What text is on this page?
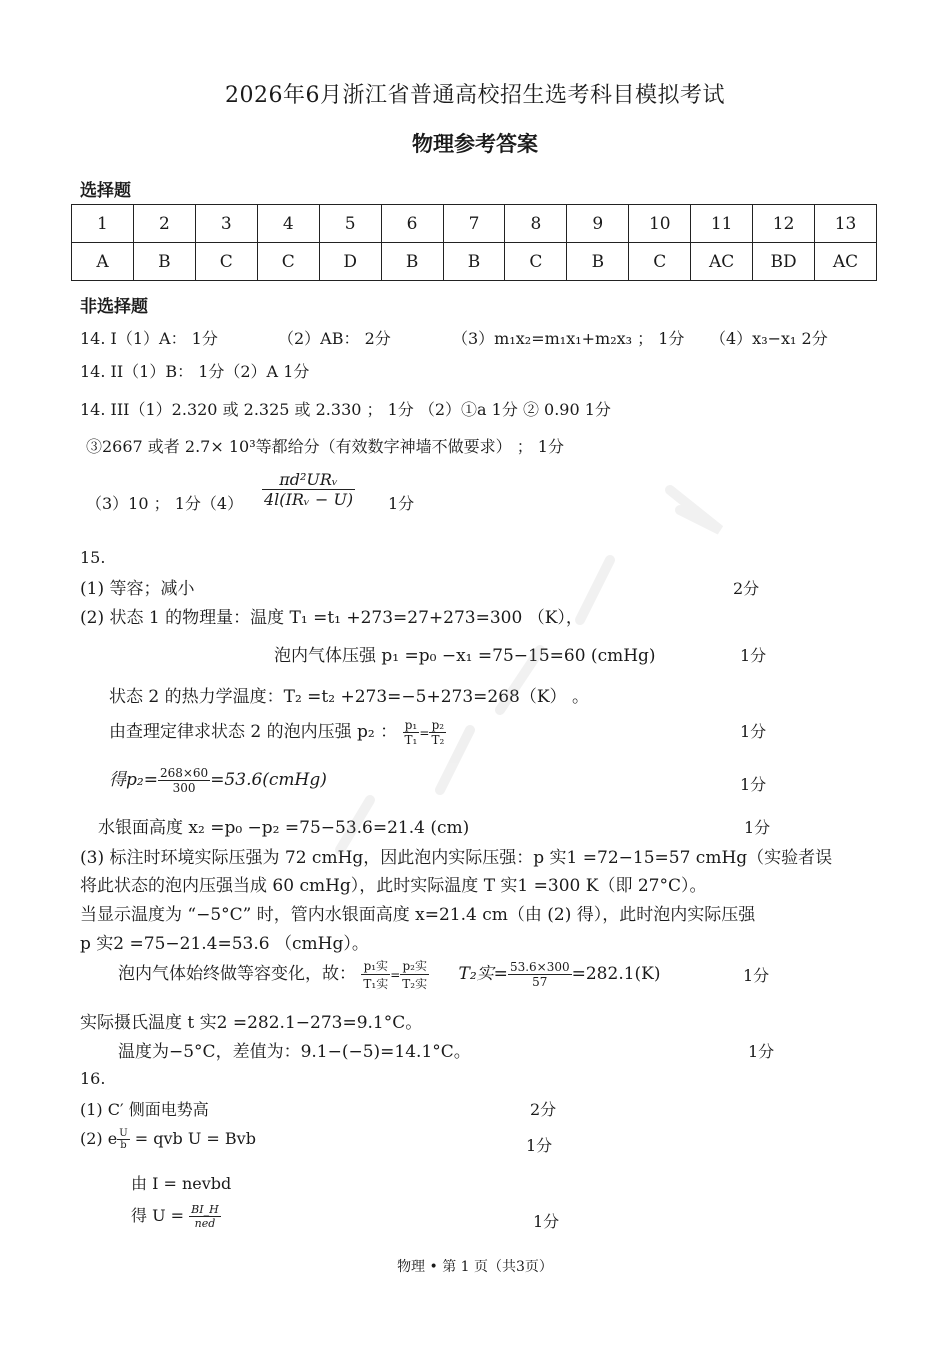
2026年6月浙江省普通高校招生选考科目模拟考试
物理参考答案
选择题
1	2	3	4	5	6	7	8	9	10	11	12	13
A	B	C	C	D	B	B	C	B	C	AC	BD	AC
非选择题
14. I（1）A： 1分	（2）AB： 2分	（3）m₁x₂=m₁x₁+m₂x₃ ； 1分 （4）x₃−x₁ 2分
14. II（1）B： 1分（2）A 1分
14. III（1）2.320 或 2.325 或 2.330 ； 1分 （2）①a 1分 ② 0.90 1分
③2667 或者 2.7× 10³等都给分（有效数字神墙不做要求） ； 1分
（3）10 ； 1分$(4) \frac{\text{πd²URᵥ}}{\text{4l(IRᵥ − U)}} 1$分
15.
(1) 等容；减小	2分
(2) 状态 1 的物理量：温度 T₁ =t₁ +273=27+273=300 （K），
泡内气体压强 p₁ =p₀ −x₁ =75−15=60 (cmHg)	1分
状态 2 的热力学温度：T₂ =t₂ +273=−5+273=268（K） 。
由查理定律求状态 2 的泡内压强 p₂ ： $\frac{\text{p₁}}{\text{T₁}} = \frac{\text{p₂}}{\text{T₂}}$	1分
得$p_2= \frac{268\times 60}{300}$ =53.6(cmHg)	1分
水银面高度 x₂ =p₀ −p₂ =75−53.6=21.4 (cm)	1分
(3) 标注时环境实际压强为 72 cmHg，因此泡内实际压强：p 实1 =72−15=57 cmHg（实验者误
将此状态的泡内压强当成 60 cmHg），此时实际温度 T 实1 =300 K（即 27°C）。
当显示温度为 “−5°C” 时，管内水银面高度 x=21.4 cm（由 (2) 得），此时泡内实际压强
p 实2 =75−21.4=53.6 （cmHg）。
泡内气体始终做等容变化，故： $\frac{\text{p₁实}}{\text{T₁实}} = \frac{\text{p₂实}}{\text{T₂实}} T_2$实= $\frac{53.6\times 300}{57} =282.1(K)$	1分
实际摄氏温度 t 实2 =282.1−273=9.1°C。
温度为−5°C，差值为：9.1−(−5)=14.1°C。	1分
16.
(1) C′ 侧面电势高	2分
(2) e $\frac{U}{b}$ = qvb U = Bvb	1分
由 I = nevbd
得 $U = \frac{BI\_H}{\text{ned}}$	1分
物理 • 第 1 页（共3页）
